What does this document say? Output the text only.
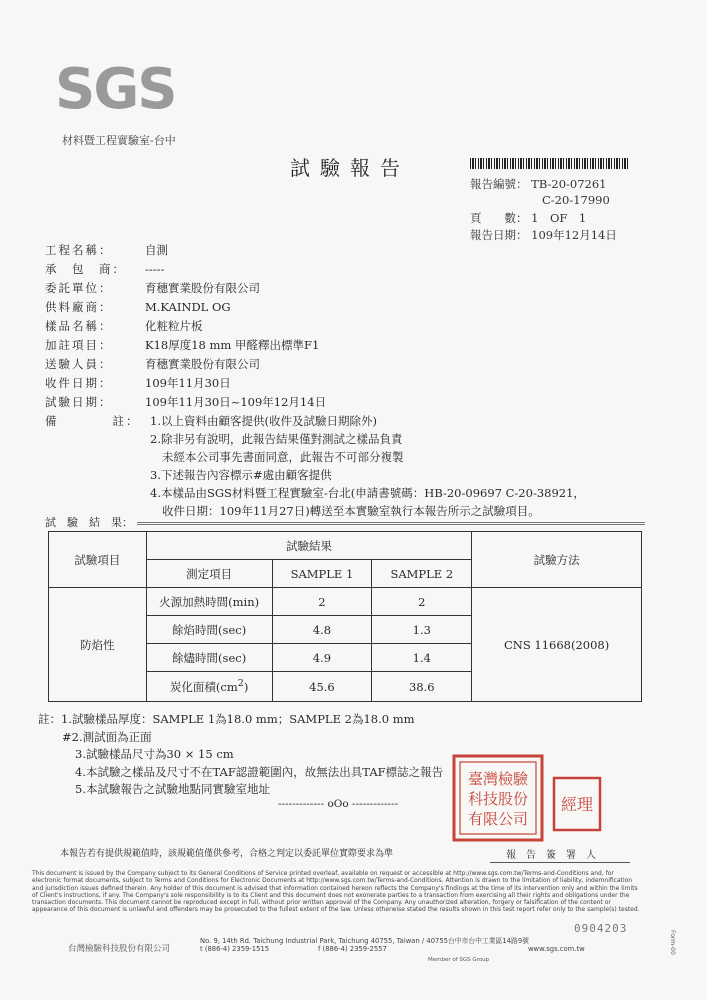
SGS
材料暨工程實驗室-台中
試驗報告
報告編號： TB-20-07261
C-20-17990
頁　　數： 1　OF　1
報告日期： 109年12月14日
工程名稱：	自測
承　包　商： -----
委託單位：	育穗實業股份有限公司
供料廠商：	M.KAINDL OG
樣品名稱：	化粧粒片板
加註項目：	K18厚度18 mm 甲醛釋出標準F1
送驗人員：	育穗實業股份有限公司
收件日期：	109年11月30日
試驗日期：	109年11月30日~109年12月14日
備　　　　註： 1.以上資料由顧客提供(收件及試驗日期除外)
2.除非另有說明，此報告結果僅對測試之樣品負責
未經本公司事先書面同意，此報告不可部分複製
3.下述報告內容標示#處由顧客提供
4.本樣品由SGS材料暨工程實驗室-台北(申請書號碼：HB-20-09697 C-20-38921，
收件日期：109年11月27日)轉送至本實驗室執行本報告所示之試驗項目。
試　驗　結　果：
試驗項目	試驗結果			試驗方法
	測定項目	SAMPLE 1	SAMPLE 2	
防焰性	火源加熱時間(min)	2	2	CNS 11668(2008)
	餘焰時間(sec)	4.8	1.3	
	餘燼時間(sec)	4.9	1.4	
	炭化面積$(cm^2)$	45.6	38.6	
註：1.試驗樣品厚度：SAMPLE 1為18.0 mm；SAMPLE 2為18.0 mm
#2.測試面為正面
3.試驗樣品尺寸為30 × 15 cm
4.本試驗之樣品及尺寸不在TAF認證範圍內，故無法出具TAF標誌之報告
5.本試驗報告之試驗地點同實驗室地址
------------- oOo -------------
臺灣檢驗
科技股份
有限公司
經理
本報告若有提供規範值時，該規範值僅供參考，合格之判定以委託單位實際要求為準	報　告　簽　署　人
This document is issued by the Company subject to its General Conditions of Service printed overleaf, available on request or accessible at http://www.sgs.com.tw/Terms-and-Conditions and, for electronic format documents, subject to Terms and Conditions for Electronic Documents at http://www.sgs.com.tw/Terms-and-Conditions. Attention is drawn to the limitation of liability, indemnification and jurisdiction issues defined therein. Any holder of this document is advised that information contained hereon reflects the Company's findings at the time of its intervention only and within the limits of Client's instructions, if any. The Company's sole responsibility is to its Client and this document does not exonerate parties to a transaction from exercising all their rights and obligations under the transaction documents. This document cannot be reproduced except in full, without prior written approval of the Company. Any unauthorized alteration, forgery or falsification of the content or appearance of this document is unlawful and offenders may be prosecuted to the fullest extent of the law. Unless otherwise stated the results shown in this test report refer only to the sample(s) tested.
台灣檢驗科技股份有限公司
No. 9, 14th Rd. Taichung Industrial Park, Taichung 40755, Taiwan / 40755台中市台中工業區14路9號
t (886-4) 2359-1515	f (886-4) 2359-2557	www.sgs.com.tw
Member of SGS Group
0904203
Form-00
